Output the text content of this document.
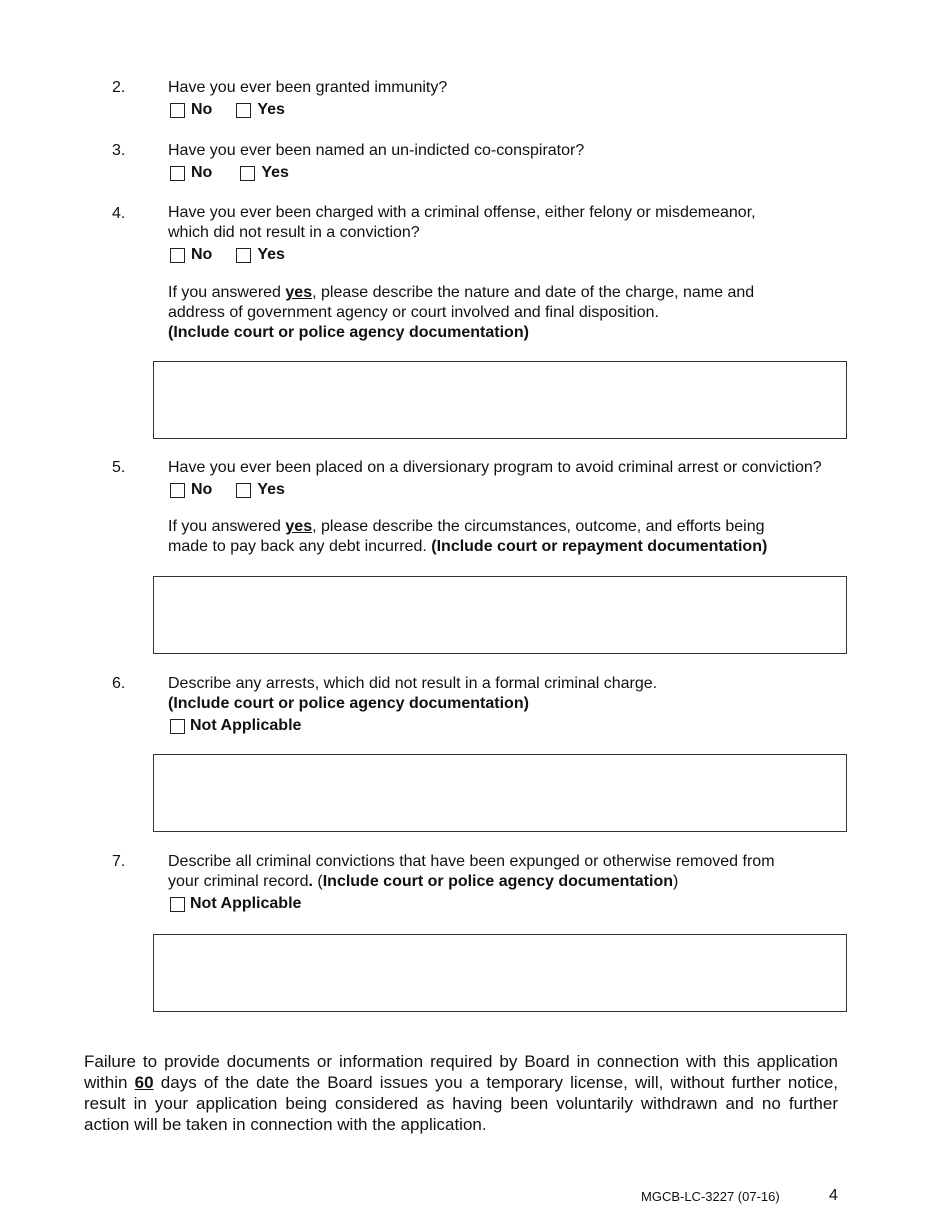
2.	Have you ever been granted immunity?
No	Yes
3.	Have you ever been named an un-indicted co-conspirator?
No	Yes
4.	Have you ever been charged with a criminal offense, either felony or misdemeanor,
which did not result in a conviction?
No	Yes
If you answered yes, please describe the nature and date of the charge, name and
address of government agency or court involved and final disposition.
(Include court or police agency documentation)
5.	Have you ever been placed on a diversionary program to avoid criminal arrest or conviction?
No	Yes
If you answered yes, please describe the circumstances, outcome, and efforts being
made to pay back any debt incurred. (Include court or repayment documentation)
6.	Describe any arrests, which did not result in a formal criminal charge.
(Include court or police agency documentation)
Not Applicable
7.	Describe all criminal convictions that have been expunged or otherwise removed from
your criminal record. (Include court or police agency documentation)
Not Applicable
Failure to provide documents or information required by Board in connection with this application within 60 days of the date the Board issues you a temporary license, will, without further notice, result in your application being considered as having been voluntarily withdrawn and no further action will be taken in connection with the application.
MGCB-LC-3227 (07-16)	4
